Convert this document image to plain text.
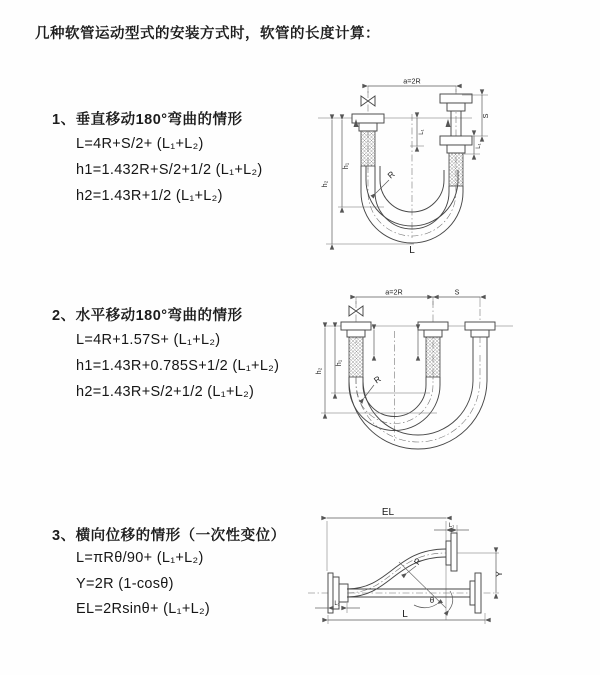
几种软管运动型式的安装方式时，软管的长度计算：
1、垂直移动180°弯曲的情形
L=4R+S/2+ (L₁+L₂)
h1=1.432R+S/2+1/2 (L₁+L₂)
h2=1.43R+1/2 (L₁+L₂)
a=2R
h₂
h₁
L₁
S
L₁
R
L
2、水平移动180°弯曲的情形
L=4R+1.57S+ (L₁+L₂)
h1=1.43R+0.785S+1/2 (L₁+L₂)
h2=1.43R+S/2+1/2 (L₁+L₂)
a=2R	S
h₁
h₂
R
3、横向位移的情形（一次性变位）
L=πRθ/90+ (L₁+L₂)
Y=2R (1-cosθ)
EL=2Rsinθ+ (L₁+L₂)
EL
L₁
Y
R
θ
L₁
L
